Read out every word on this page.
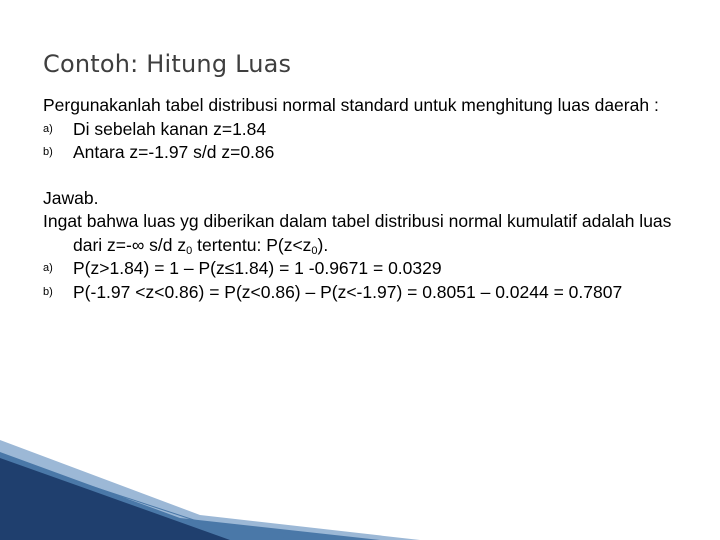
Contoh: Hitung Luas
Pergunakanlah tabel distribusi normal standard untuk menghitung luas daerah :
a) Di sebelah kanan z=1.84
b) Antara z=-1.97 s/d z=0.86
Jawab.
Ingat bahwa luas yg diberikan dalam tabel distribusi normal kumulatif adalah luas dari z=-∞ s/d $z_0$ tertentu: $P(z<z_0)$.
a) P(z>1.84) = 1 – P(z≤1.84) = 1 -0.9671 = 0.0329
b) P(-1.97 <z<0.86) = P(z<0.86) – P(z<-1.97) = 0.8051 – 0.0244 = 0.7807
